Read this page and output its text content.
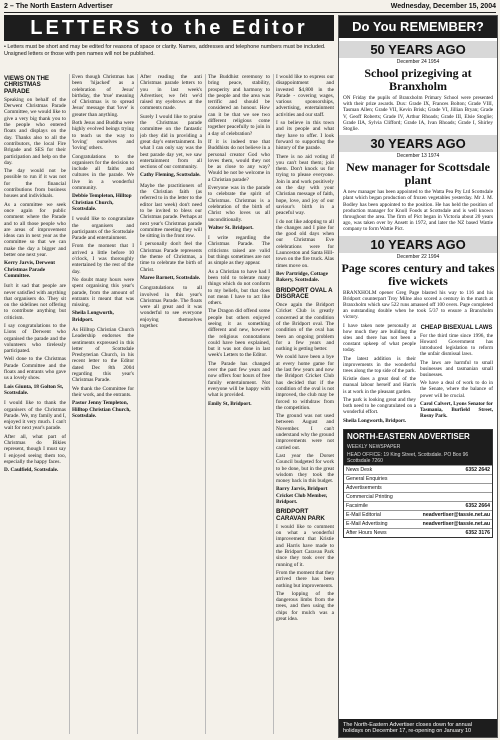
2 – The North Eastern Advertiser	Wednesday, December 15, 2004
LETTERS to the Editor
• Letters must be short and may be edited for reasons of space or clarity. Names, addresses and telephone numbers must be included. Unsigned letters or those with pen names will not be published.
VIEWS ON THE CHRISTMAS PARADE

Speaking on behalf of the Derwent Christmas Parade Committee, we would like to give a very big thank you to the people who entered floats and displays on the day. Thanks also to all the contributors, the local Fire Brigade and SES for their participation and help on the day.

The day would not be possible to run if it was not for the financial contributions from business houses and individuals.

As a committee we seek once again for public comment where the Parade and to all those people who are areas of improvement ideas can in next year as the committee so that we can make the day a bigger and better one next year.

Kerry Jarvis, Derwent Christmas Parade Committee.

Isn't it sad that people are never satisfied with anything that organisers do. They sit on the sidelines not offering to contribute anything but criticism.

I say congratulations to the Lions of Derwent who organised the parade and the volunteers who tirelessly participated.

Well done to the Christmas Parade Committee and the floats and entrants who gave us a lovely show.

Lois Giunta, 18 Golton St, Scottsdale.

I would like to thank the organisers of the Christmas Parade. We, my family and I, enjoyed it very much. I can't wait for next year's parade.

After all, what part of Christmas do Bikies represent, though I must say I enjoyed seeing them too, especially the happy faces.

D. Caulfield, Scottsdale.

Even though Christmas has been 'hijacked' as a celebration of Jesus' birthday, the 'true' meaning of Christmas is to spread Jesus' message that 'love' is greater than anything.

Both Jesus and Buddha were highly evolved beings trying to teach us the way to 'loving' ourselves and 'loving' others.

Congratulations to the organisers for the decision to include all faiths and cultures in the parade. We live in a wonderful community.

Debbie Templeton, Hilltop Christian Church, Scottsdale.

I would like to congratulate the organisers and participants of the Scottsdale Parade and entertainment.

From the moment that I arrived a little before 10 o'clock, I was thoroughly entertained by the rest of the day.

No doubt many hours were spent organising this year's parade, from the amount of entrants it meant that was missing.

Sheila Longworth, Bridport.

As Hilltop Christian Church Leadership endorses the sentiments expressed in this letter of Scottsdale Presbyterian Church, in his recent letter to the Editor dated Dec 8th 2004 regarding this year's Christmas Parade.

We thank the Committee for their work, and the entrants.

Pastor Jenny Templeton, Hilltop Christian Church, Scottsdale.

After reading the anti Christmas parade letters to you in last week's Advertiser, we felt we'd raised my eyebrows at the comments made.

Surely I would like to praise the Christmas parade committee on the fantastic job they did in providing a great day's entertainment. In what I can only say was the best parade day yet, we saw entertainment from all sections of our community.

Cathy Fleming, Scottsdale.

Maybe the practitioners of the Christian faith (as referred to in the letter to the editor last week) don't need to be invited to bless our Christmas parade. Perhaps at next year's Christmas parade committee meeting they will be sitting in the front row.

I personally don't feel the Christmas Parade represents the theme of Christmas, a time to celebrate the birth of Christ.

Maree Barnett, Scottsdale.

Congratulations to all involved in this year's Christmas Parade. The floats were all great and it was wonderful to see everyone enjoying themselves together.

The Buddhist ceremony to bring peace, stability, prosperity and harmony to the people and the area was terrific and should be considered an honour. How can it be that we see two different religious come together peacefully to join in a day of celebration?

If it is indeed true that Buddhists do not believe in a personal creator God who loves them, would they not be as close to any way? Would be not be welcome in a Christian parade?

Everyone was in the parade to celebrate the spirit of Christmas. Christmas is a celebration of the birth of Christ who loves us all unconditionally.

Walter St. Bridport.

I write regarding the Christmas Parade. The criticisms raised are valid but things sometimes are not as simple as they appear.

As a Christian to have had I been told to tolerate many things which do not conform to my beliefs, but that does not mean I have to act like others.

The Dragon did offend some people but others enjoyed seeing it as something different and new, however the religious connotations could have been explained, but it was not done in last week's Letters to the Editor.

The Parade has changed over the past few years and now offers four hours of free family entertainment. Not everyone will be happy with what is provided.

Emily St, Bridport.

I would like to express our disappointment and invested $4,800 in the Parade - covering wages, various sponsorships, advertising, entertainment activities and our staff.

I so believe in this town and its people and what they have to offer. I look forward to supporting the history of the parade.

There is no aid voting if you can't beat them; join them. Don't knock us for trying to please everyone. Join in and work positively on the day with your Christian message of faith, hope, love, and joy of our saviour's birth in a peaceful way.

I do not like adopting to all the changes and I pine for the good old days when our Christmas Eve celebrations were for Launceston and Santa Hill-town on the fire truck. Alas times move on.

Bev Partridge, Cottage Bakery, Scottsdale.
BRIDPORT OVAL A DISGRACE

Once again the Bridport Cricket Club is greatly concerned at the condition of the Bridport oval. The condition of the oval has been an ongoing problem for a few years and nothing is getting better.

We could have been a bye at every home game for the last few years and now the Bridport Cricket Club has decided that if the condition of the oval is not improved, the club may be forced to withdraw from the competition.

The ground was not used between August and November. I can't understand why the ground improvements were not carried out.

Last year the Dorset Council budgeted for work to be done, but in the great wisdom they took the money back in this budget.

Barry Jarvis, Bridport Cricket Club Member, Bridport.
BRIDPORT CARAVAN PARK

I would like to comment on what a wonderful improvement that Kristie and Harris have made to the Bridport Caravan Park since they took over the running of it.

From the moment that they arrived there has been nothing but improvements.

The lopping of the dangerous limbs from the trees, and then using the chips for mulch was a great idea.

Do You REMEMBER?
50 YEARS AGO
December 24 1954
School prizegiving at Branxholm

ON Friday the pupils of Branxholm Primary School were presented with their prize awards. Dux: Grade IX, Frances Bolton; Grade VIII, Tasman Allen; Grade VII, Kevin Brisk; Grade VI, Jillian Bryan; Grade V, Geoff Roberts; Grade IV, Arthur Rhoads; Grade III, Elsie Stoglie; Grade IIA, Sylvia Clifford; Grade IA, Ivan Rhoads; Grade I, Shirley Stoglie.

30 YEARS AGO
December 13 1974
New manager for Scottsdale plant

A new manager has been appointed to the Watta Pea Pty Ltd Scottsdale plant which began production of frozen vegetables yesterday. Mr J. M. Bodley has been appointed to the position. He has held the position of production manager for Knoll Foods at Scottsdale and is well known throughout the area. The firm of Pict began in Victoria about 20 years ago, was taken over by Ansett in 1972, and later the NZ based Wattie company to form Wattie Pict.

10 YEARS AGO
December 22 1994
Page scores century and takes five wickets

BRANXHOLM opener Greg Page blasted his way to 116 and his Bridport counterpart Troy Milne also scored a century in the match at Branxholm which saw 522 runs amassed off 100 overs. Page completed an outstanding double when he took 5/37 to ensure a Branxholm victory.

I have taken note personally at how much they are building the sites and there has not been a constant upkeep of what people today.

The latest addition is their improvements in the wonderful trees along the top side of the park.

Kristie does a great deal of the manual labour herself and Harris is at work in the pleasant garden.

The park is looking great and they both need to be congratulated on a wonderful effort.

Sheila Longworth, Bridport.

CHEAP BISEXUAL LAWS

For the third time since 1996, the Howard Government has introduced legislation to reform the unfair dismissal laws.

The laws are harmful to small businesses and tasmanian small businesses.

We have a deal of work to do in the Senate, where the balance of power will be crucial.

Carol Calvert, Lyons Senator for Tasmania, Burfield Street, Rosny Park.

NORTH-EASTERN ADVERTISER
WEEKLY NEWSPAPER
HEAD OFFICE: 19 King Street, Scottsdale. PO Box 96 Scottsdale 7260
News Desk	6352 2642
General Enquiries
Advertisements
Commercial Printing
Facsimile	6352 2664
E-Mail Editorial	neadvertiser@tassie.net.au
E-Mail Advertising	neadvertiser@tassie.net.au
After Hours News	6352 3176
The North-Eastern Advertiser closes down for annual holidays on December 17, re-opening on January 10
